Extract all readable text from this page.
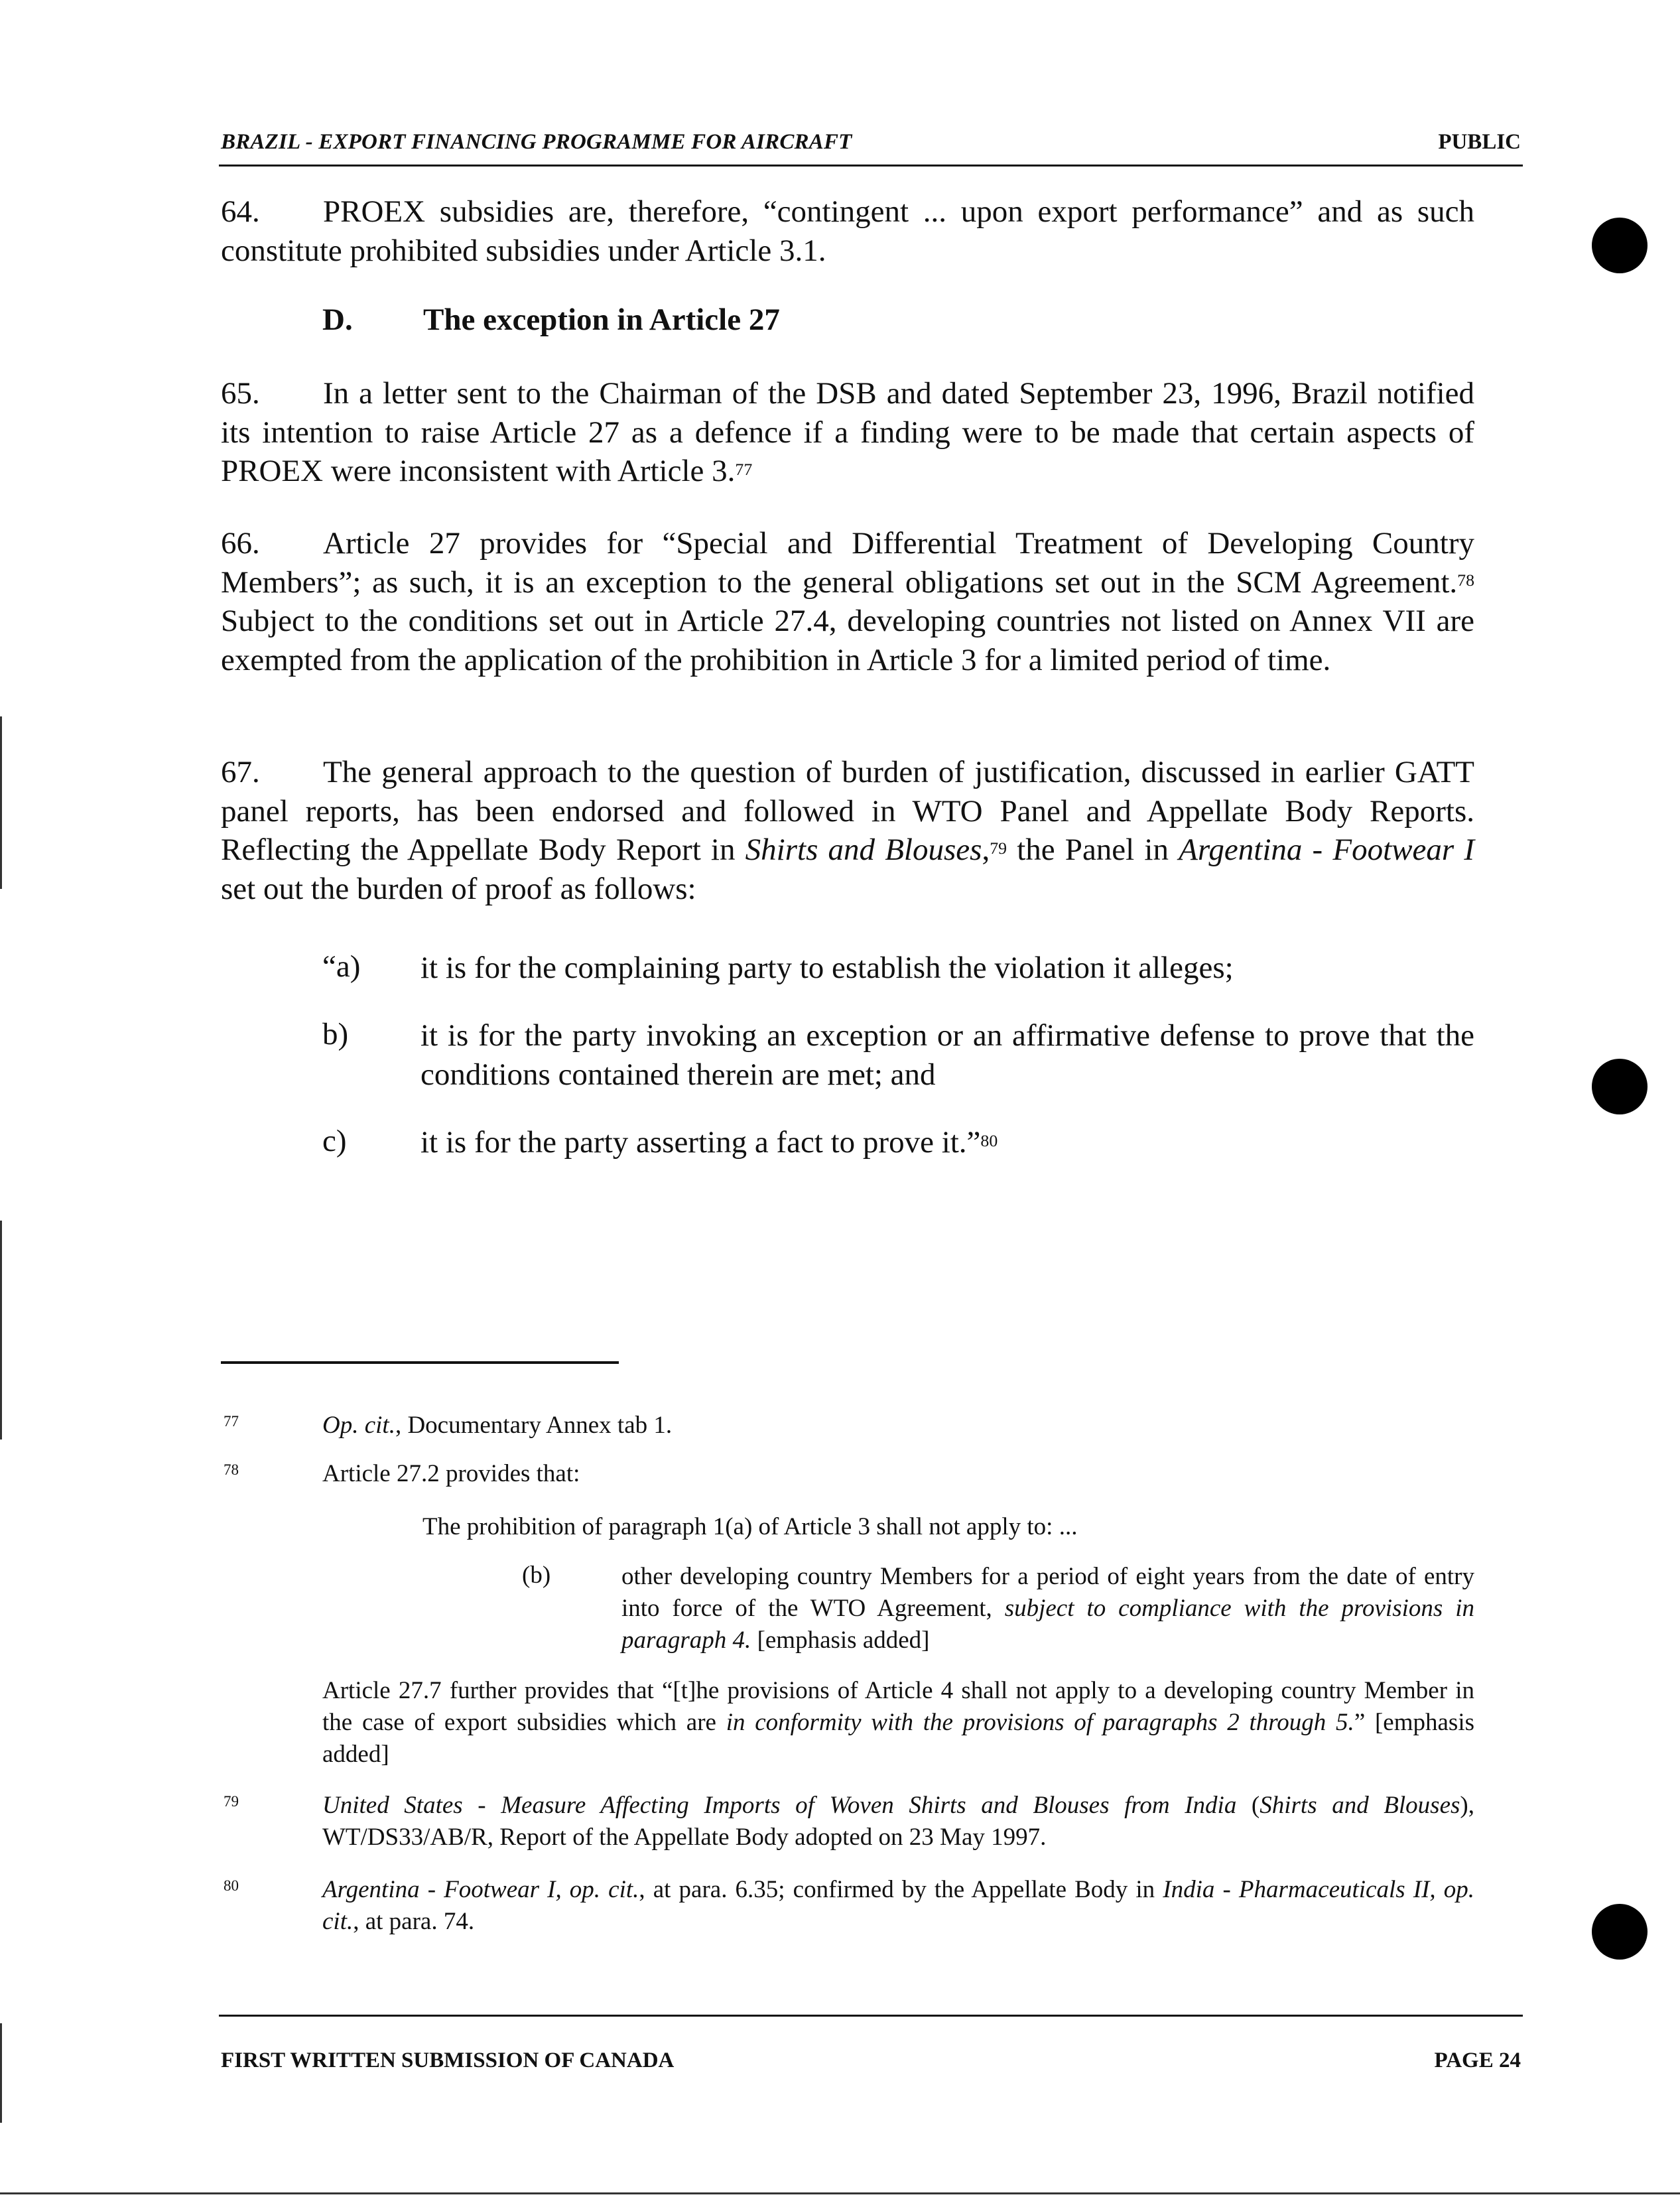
BRAZIL - EXPORT FINANCING PROGRAMME FOR AIRCRAFT	PUBLIC
64. PROEX subsidies are, therefore, “contingent ... upon export performance” and as such constitute prohibited subsidies under Article 3.1.
D. The exception in Article 27
65. In a letter sent to the Chairman of the DSB and dated September 23, 1996, Brazil notified its intention to raise Article 27 as a defence if a finding were to be made that certain aspects of PROEX were inconsistent with Article 3.77
66. Article 27 provides for “Special and Differential Treatment of Developing Country Members”; as such, it is an exception to the general obligations set out in the SCM Agreement.$^{78}$ Subject to the conditions set out in Article 27.4, developing countries not listed on Annex VII are exempted from the application of the prohibition in Article 3 for a limited period of time.
67. The general approach to the question of burden of justification, discussed in earlier GATT panel reports, has been endorsed and followed in WTO Panel and Appellate Body Reports. Reflecting the Appellate Body Report in Shirts and Blouses,$^{79}$ the Panel in Argentina - Footwear I set out the burden of proof as follows:
“a) it is for the complaining party to establish the violation it alleges;
b) it is for the party invoking an exception or an affirmative defense to prove that the conditions contained therein are met; and
c) it is for the party asserting a fact to prove it.”$^{80}$
77	Op. cit., Documentary Annex tab 1.
78	Article 27.2 provides that:
The prohibition of paragraph 1(a) of Article 3 shall not apply to: ...
(b)	other developing country Members for a period of eight years from the date of entry into force of the WTO Agreement, subject to compliance with the provisions in paragraph 4. [emphasis added]
Article 27.7 further provides that “[t]he provisions of Article 4 shall not apply to a developing country Member in the case of export subsidies which are in conformity with the provisions of paragraphs 2 through 5.” [emphasis added]
79	United States - Measure Affecting Imports of Woven Shirts and Blouses from India (Shirts and Blouses), WT/DS33/AB/R, Report of the Appellate Body adopted on 23 May 1997.
80	Argentina - Footwear I, op. cit., at para. 6.35; confirmed by the Appellate Body in India - Pharmaceuticals II, op. cit., at para. 74.
FIRST WRITTEN SUBMISSION OF CANADA	PAGE 24
